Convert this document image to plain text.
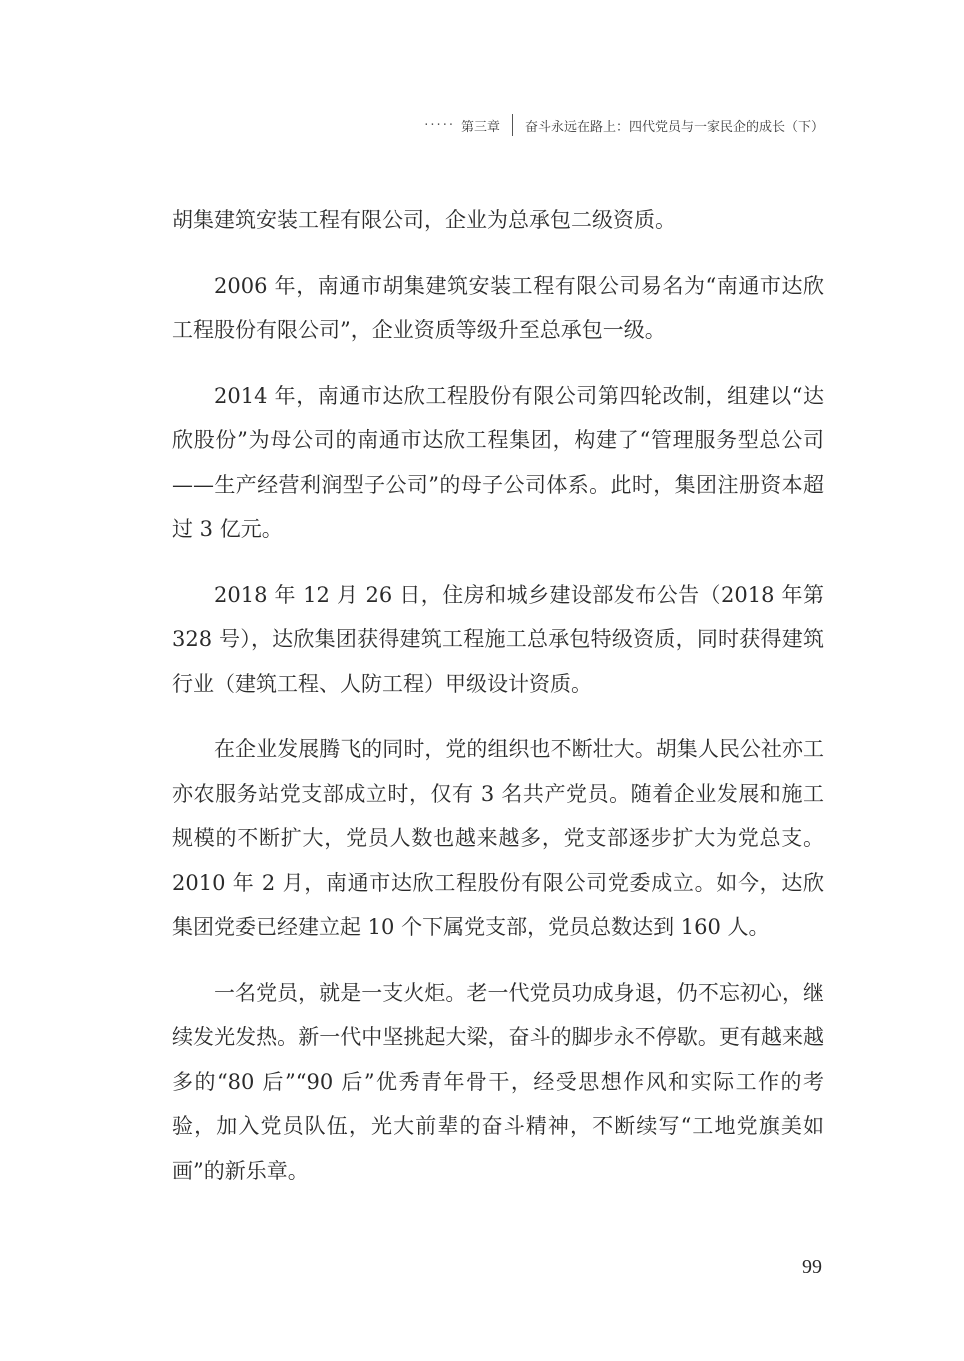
····· 第三章 奋斗永远在路上：四代党员与一家民企的成长（下）

胡集建筑安装工程有限公司，企业为总承包二级资质。

2006 年，南通市胡集建筑安装工程有限公司易名为“南通市达欣工程股份有限公司”，企业资质等级升至总承包一级。

2014 年，南通市达欣工程股份有限公司第四轮改制，组建以“达欣股份”为母公司的南通市达欣工程集团，构建了“管理服务型总公司——生产经营利润型子公司”的母子公司体系。此时，集团注册资本超过 3 亿元。

2018 年 12 月 26 日，住房和城乡建设部发布公告（2018 年第 328 号），达欣集团获得建筑工程施工总承包特级资质，同时获得建筑行业（建筑工程、人防工程）甲级设计资质。

在企业发展腾飞的同时，党的组织也不断壮大。胡集人民公社亦工亦农服务站党支部成立时，仅有 3 名共产党员。随着企业发展和施工规模的不断扩大，党员人数也越来越多，党支部逐步扩大为党总支。2010 年 2 月，南通市达欣工程股份有限公司党委成立。如今，达欣集团党委已经建立起 10 个下属党支部，党员总数达到 160 人。

一名党员，就是一支火炬。老一代党员功成身退，仍不忘初心，继续发光发热。新一代中坚挑起大梁，奋斗的脚步永不停歇。更有越来越多的“80 后”“90 后”优秀青年骨干，经受思想作风和实际工作的考验，加入党员队伍，光大前辈的奋斗精神，不断续写“工地党旗美如画”的新乐章。

99
